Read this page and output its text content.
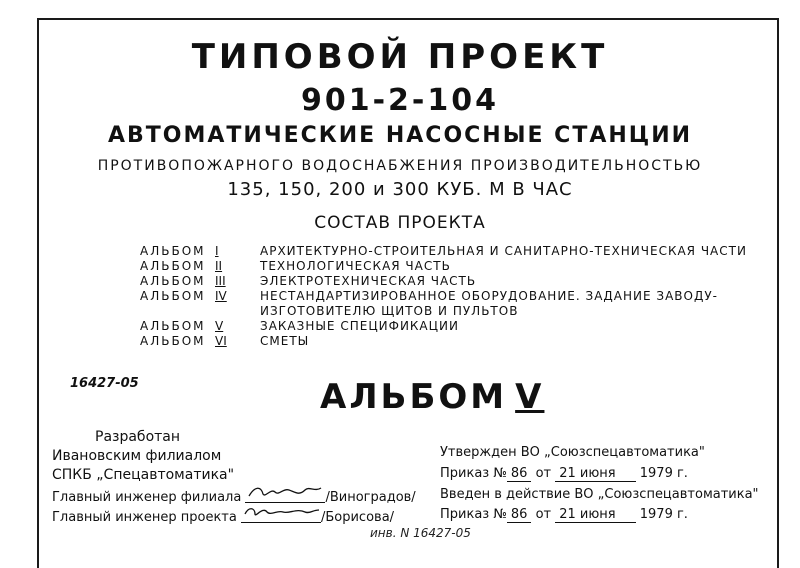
ТИПОВОЙ ПРОЕКТ
901-2-104
АВТОМАТИЧЕСКИЕ НАСОСНЫЕ СТАНЦИИ
ПРОТИВОПОЖАРНОГО ВОДОСНАБЖЕНИЯ ПРОИЗВОДИТЕЛЬНОСТЬЮ
135, 150, 200 и 300 КУБ. М В ЧАС
СОСТАВ ПРОЕКТА
АЛЬБОМ I	АРХИТЕКТУРНО-СТРОИТЕЛЬНАЯ И САНИТАРНО-ТЕХНИЧЕСКАЯ ЧАСТИ
АЛЬБОМ II	ТЕХНОЛОГИЧЕСКАЯ ЧАСТЬ
АЛЬБОМ III	ЭЛЕКТРОТЕХНИЧЕСКАЯ ЧАСТЬ
АЛЬБОМ IV	НЕСТАНДАРТИЗИРОВАННОЕ ОБОРУДОВАНИЕ. ЗАДАНИЕ ЗАВОДУ-
ИЗГОТОВИТЕЛЮ ЩИТОВ И ПУЛЬТОВ
АЛЬБОМ V	ЗАКАЗНЫЕ СПЕЦИФИКАЦИИ
АЛЬБОМ VI	СМЕТЫ
16427-05	АЛЬБОМ V
Разработан
Ивановским филиалом
СПКБ „Спецавтоматика"
Главный инженер филиала	/Виноградов/
Главный инженер проекта	/Борисова/
Утвержден ВО „Союзспецавтоматика"
Приказ № 86 от 21 июня 1979 г.
Введен в действие ВО „Союзспецавтоматика"
Приказ № 86 от 21 июня 1979 г.
инв. N 16427-05
